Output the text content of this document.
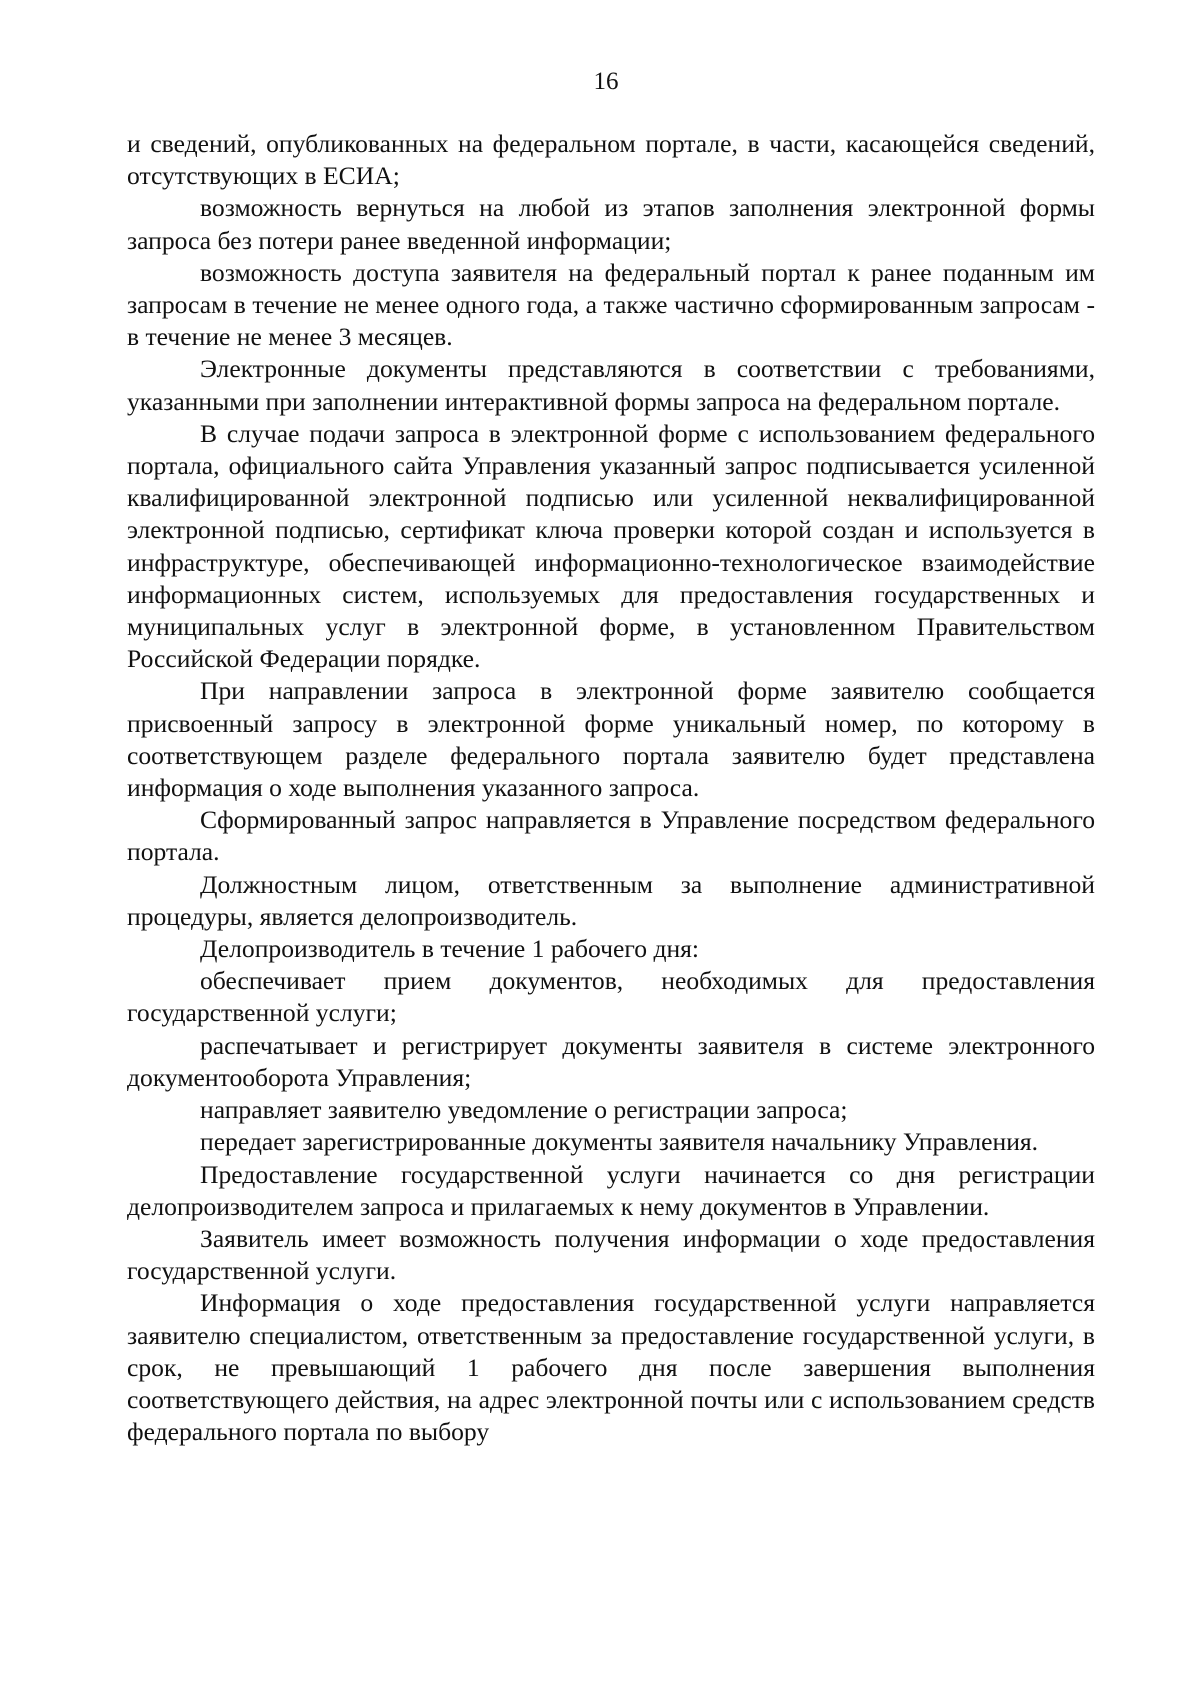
16

и сведений, опубликованных на федеральном портале, в части, касающейся сведений, отсутствующих в ЕСИА;

возможность вернуться на любой из этапов заполнения электронной формы запроса без потери ранее введенной информации;

возможность доступа заявителя на федеральный портал к ранее поданным им запросам в течение не менее одного года, а также частично сформированным запросам - в течение не менее 3 месяцев.

Электронные документы представляются в соответствии с требованиями, указанными при заполнении интерактивной формы запроса на федеральном портале.

В случае подачи запроса в электронной форме с использованием федерального портала, официального сайта Управления указанный запрос подписывается усиленной квалифицированной электронной подписью или усиленной неквалифицированной электронной подписью, сертификат ключа проверки которой создан и используется в инфраструктуре, обеспечивающей информационно-технологическое взаимодействие информационных систем, используемых для предоставления государственных и муниципальных услуг в электронной форме, в установленном Правительством Российской Федерации порядке.

При направлении запроса в электронной форме заявителю сообщается присвоенный запросу в электронной форме уникальный номер, по которому в соответствующем разделе федерального портала заявителю будет представлена информация о ходе выполнения указанного запроса.

Сформированный запрос направляется в Управление посредством федерального портала.

Должностным лицом, ответственным за выполнение административной процедуры, является делопроизводитель.

Делопроизводитель в течение 1 рабочего дня:

обеспечивает прием документов, необходимых для предоставления государственной услуги;

распечатывает и регистрирует документы заявителя в системе электронного документооборота Управления;

направляет заявителю уведомление о регистрации запроса;

передает зарегистрированные документы заявителя начальнику Управления.

Предоставление государственной услуги начинается со дня регистрации делопроизводителем запроса и прилагаемых к нему документов в Управлении.

Заявитель имеет возможность получения информации о ходе предоставления государственной услуги.

Информация о ходе предоставления государственной услуги направляется заявителю специалистом, ответственным за предоставление государственной услуги, в срок, не превышающий 1 рабочего дня после завершения выполнения соответствующего действия, на адрес электронной почты или с использованием средств федерального портала по выбору
